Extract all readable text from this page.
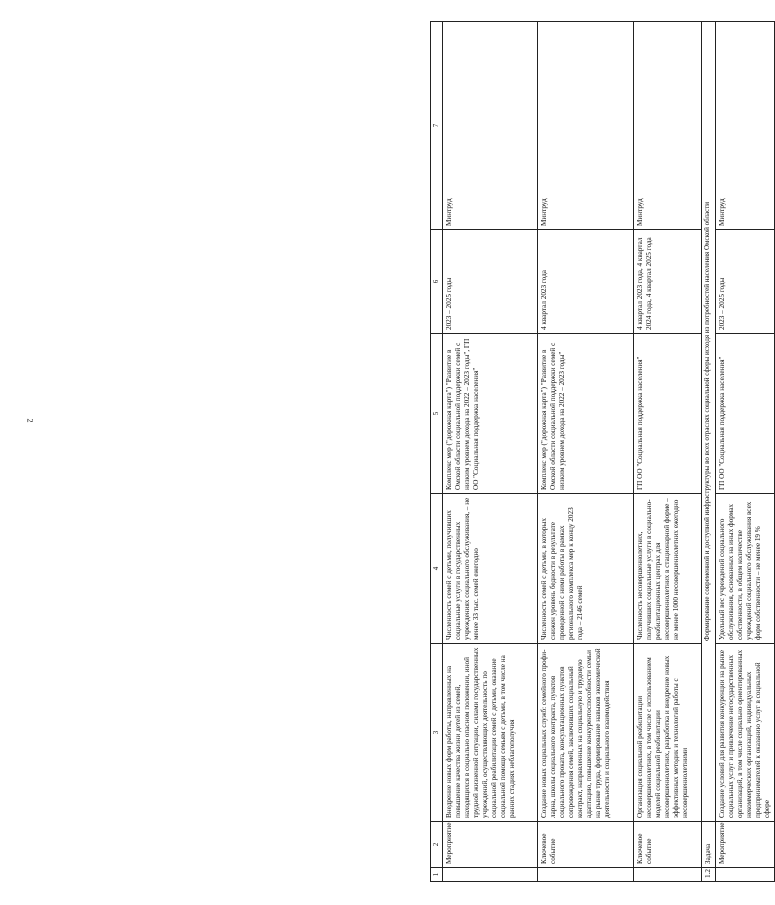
2
1	2	3	4	5	6	7
	Мероприятие	Внедрение новых форм работы, направленных на повышение качества жизни детей из семей, находящихся в социально опасном положении, иной трудной жизненной ситуации, силами государственных учреждений, осуществляющих деятельность по социальной реабилитации семей с детьми, оказание социальной помощи семьям с детьми, в том числе на ранних стадиях неблагополучия	Численность семей с детьми, получивших социальные услуги в государственных учреждениях социального обслуживания, – не менее 33 тыс. семей ежегодно	Комплекс мер ("дорожная карта") "Развитие в Омской области социальной поддержки семей с низким уровнем дохода на 2022 – 2023 годы", ГП ОО "Социальная поддержка населения"	2023 – 2025 годы	Минтруд
	Ключевое событие	Создание новых социальных служб: семейного профи-ларна, школы социального контракта, пунктов социального проката, консультационных пунктов сопровождения семей, заключивших социальный контракт, направленных на социальную и трудовую адаптацию, повышение конкурентоспособности семьи на рынке труда, формирование навыков экономической деятельности и социального взаимодействия	Численность семей с детьми, в которых снижен уровень бедности в результате проведенной с ними работы в рамках регионального комплекса мер к концу 2023 года – 2146 семей	Комплекс мер ("дорожная карта") "Развитие в Омской области социальной поддержки семей с низким уровнем дохода на 2022 – 2023 годы"	4 квартал 2023 года	Минтруд
	Ключевое событие	Организация социальной реабилитации несовершеннолетних, в том числе с использованием моделей социальной реабилитации несовершеннолетних, разработка и внедрение новых эффективных методик и технологий работы с несовершеннолетними	Численность несовершеннолетних, получивших социальные услуги в социально-реабилитационных центрах для несовершеннолетних в стационарной форме – не менее 1000 несовершеннолетних ежегодно	ГП ОО "Социальная поддержка населения"	4 квартал 2023 года, 4 квартал 2024 года, 4 квартал 2025 года	Минтруд
1.2	Задача	Формирование современной и доступной инфраструктуры во всех отраслях социальной сферы исходя из потребностей населения Омской области				
	Мероприятие	Создание условий для развития конкуренции на рынке социальных услуг и привлечение негосударственных организаций, в том числе социально ориентированных некоммерческих организаций, индивидуальных предпринимателей к оказанию услуг в социальной сфере	Удельный вес учреждений социального обслуживания, основанных на иных формах собственности, в общем количестве учреждений социального обслуживания всех форм собственности – не менее 19 %	ГП ОО "Социальная поддержка населения"	2023 – 2025 годы	Минтруд
